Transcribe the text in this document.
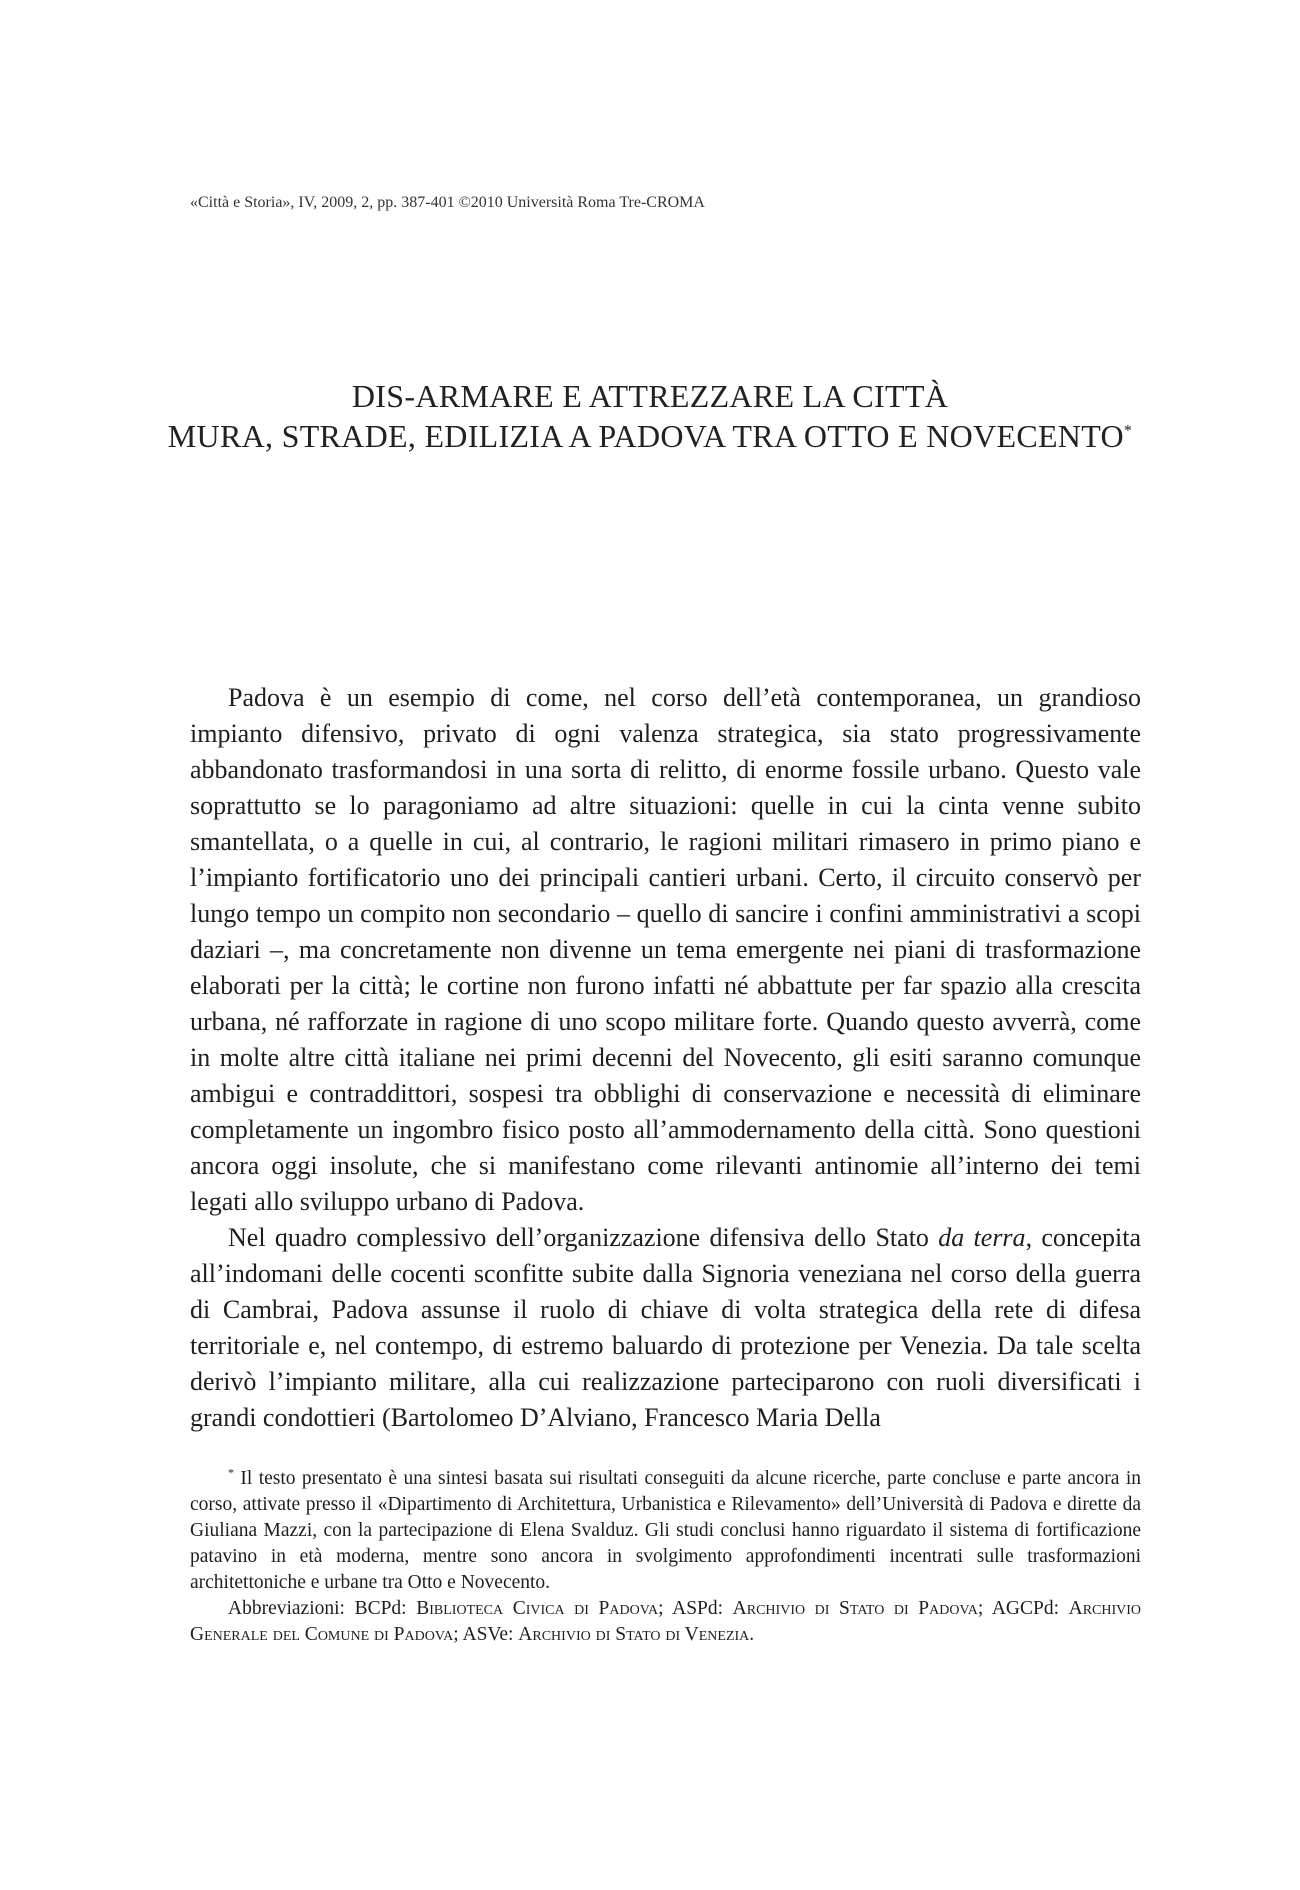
«Città e Storia», IV, 2009, 2, pp. 387-401 ©2010 Università Roma Tre-CROMA
DIS-ARMARE E ATTREZZARE LA CITTÀ
MURA, STRADE, EDILIZIA A PADOVA TRA OTTO E NOVECENTO*

Padova è un esempio di come, nel corso dell’età contemporanea, un grandioso impianto difensivo, privato di ogni valenza strategica, sia stato progressivamente abbandonato trasformandosi in una sorta di relitto, di enorme fossile urbano. Questo vale soprattutto se lo paragoniamo ad altre situazioni: quelle in cui la cinta venne subito smantellata, o a quelle in cui, al contrario, le ragioni militari rimasero in primo piano e l’impianto fortificatorio uno dei principali cantieri urbani. Certo, il circuito conservò per lungo tempo un compito non secondario – quello di sancire i confini amministrativi a scopi daziari –, ma concretamente non divenne un tema emergente nei piani di trasformazione elaborati per la città; le cortine non furono infatti né abbattute per far spazio alla crescita urbana, né rafforzate in ragione di uno scopo militare forte. Quando questo avverrà, come in molte altre città italiane nei primi decenni del Novecento, gli esiti saranno comunque ambigui e contraddittori, sospesi tra obblighi di conservazione e necessità di eliminare completamente un ingombro fisico posto all’ammodernamento della città. Sono questioni ancora oggi insolute, che si manifestano come rilevanti antinomie all’interno dei temi legati allo sviluppo urbano di Padova.

Nel quadro complessivo dell’organizzazione difensiva dello Stato da terra, concepita all’indomani delle cocenti sconfitte subite dalla Signoria veneziana nel corso della guerra di Cambrai, Padova assunse il ruolo di chiave di volta strategica della rete di difesa territoriale e, nel contempo, di estremo baluardo di protezione per Venezia. Da tale scelta derivò l’impianto militare, alla cui realizzazione parteciparono con ruoli diversificati i grandi condottieri (Bartolomeo D’Alviano, Francesco Maria Della

* Il testo presentato è una sintesi basata sui risultati conseguiti da alcune ricerche, parte concluse e parte ancora in corso, attivate presso il «Dipartimento di Architettura, Urbanistica e Rilevamento» dell’Università di Padova e dirette da Giuliana Mazzi, con la partecipazione di Elena Svalduz. Gli studi conclusi hanno riguardato il sistema di fortificazione patavino in età moderna, mentre sono ancora in svolgimento approfondimenti incentrati sulle trasformazioni architettoniche e urbane tra Otto e Novecento.

Abbreviazioni: BCPd: Biblioteca Civica di Padova; ASPd: Archivio di Stato di Padova; AGCPd: Archivio Generale del Comune di Padova; ASVe: Archivio di Stato di Venezia.
